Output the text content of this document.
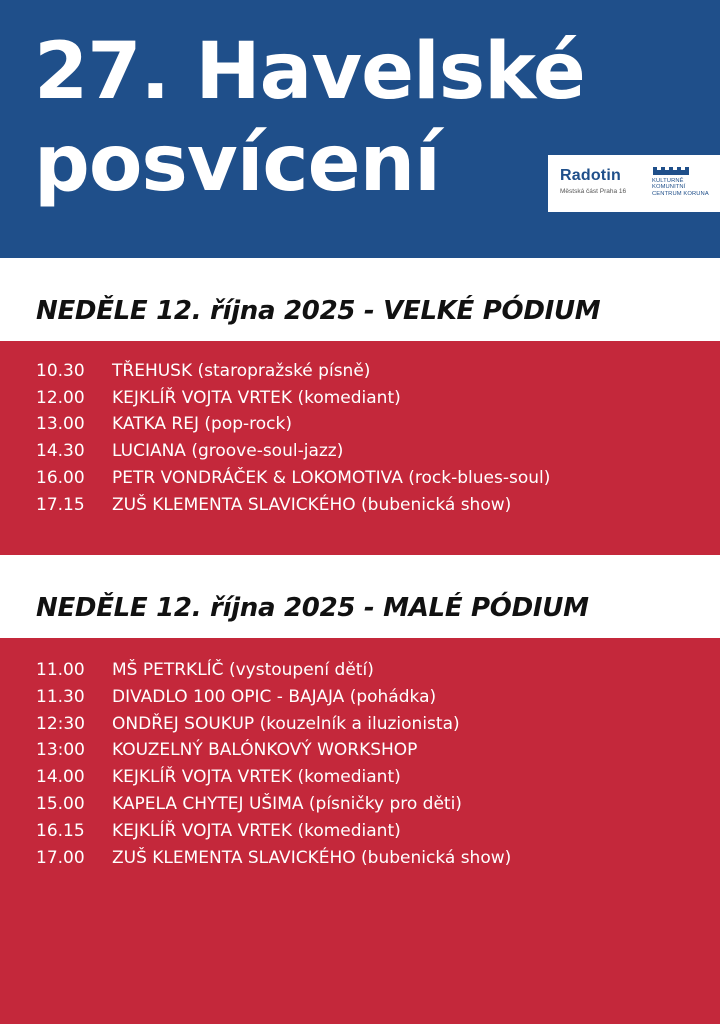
27. Havelské
posvícení	Radotin
Městská část Praha 16
KULTURNĚ KOMUNITNÍ CENTRUM KORUNA
NEDĚLE 12. října 2025 - VELKÉ PÓDIUM
10.30 TŘEHUSK (staropražské písně)
12.00 KEJKLÍŘ VOJTA VRTEK (komediant)
13.00 KATKA REJ (pop-rock)
14.30 LUCIANA (groove-soul-jazz)
16.00 PETR VONDRÁČEK & LOKOMOTIVA (rock-blues-soul)
17.15 ZUŠ KLEMENTA SLAVICKÉHO (bubenická show)
NEDĚLE 12. října 2025 - MALÉ PÓDIUM
11.00 MŠ PETRKLÍČ (vystoupení dětí)
11.30 DIVADLO 100 OPIC - BAJAJA (pohádka)
12:30 ONDŘEJ SOUKUP (kouzelník a iluzionista)
13:00 KOUZELNÝ BALÓNKOVÝ WORKSHOP
14.00 KEJKLÍŘ VOJTA VRTEK (komediant)
15.00 KAPELA CHYTEJ UŠIMA (písničky pro děti)
16.15 KEJKLÍŘ VOJTA VRTEK (komediant)
17.00 ZUŠ KLEMENTA SLAVICKÉHO (bubenická show)
